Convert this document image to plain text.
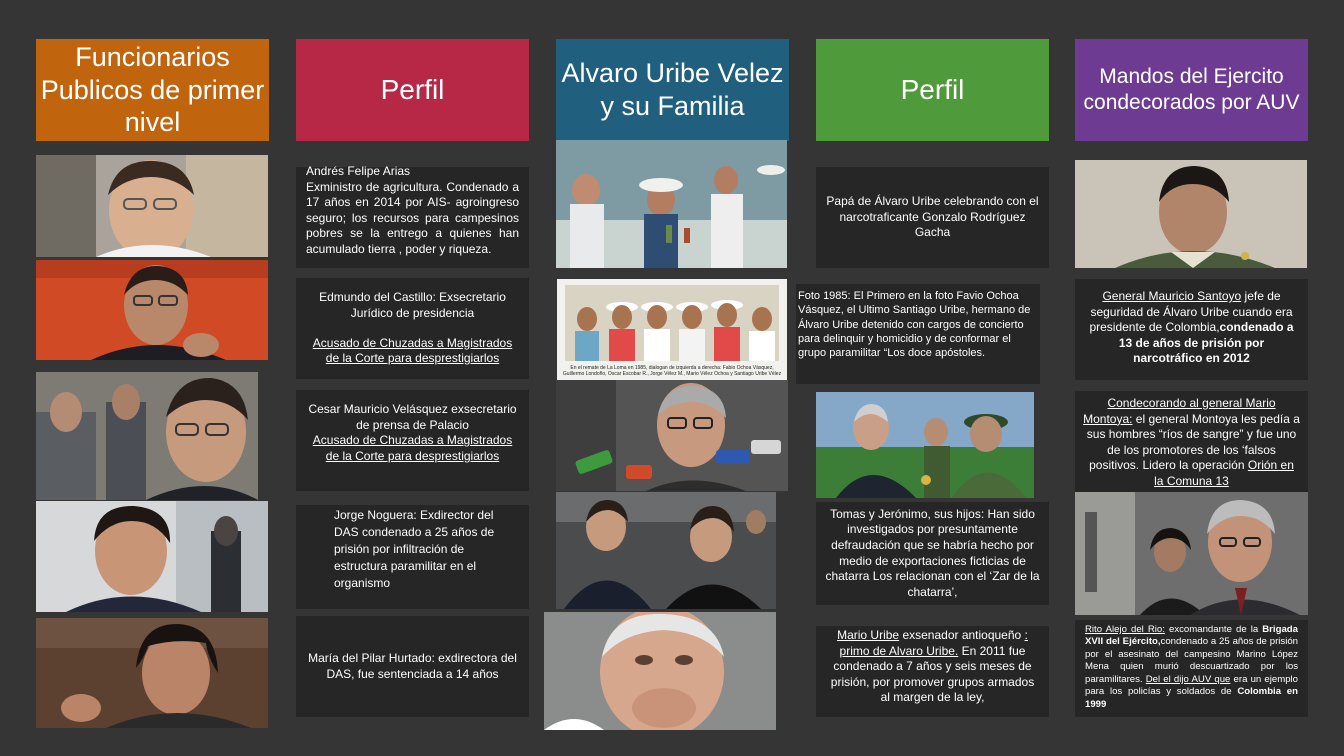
Funcionarios Publicos de primer nivel
Perfil
Alvaro Uribe Velez y su Familia
Perfil	Mandos del Ejercito condecorados por AUV
Andrés Felipe Arias
Exministro de agricultura. Condenado a 17 años en 2014 por AIS- agroingreso seguro; los recursos para campesinos pobres se la entrego a quienes han acumulado tierra , poder y riqueza.
Edmundo del Castillo: Exsecretario Jurídico de presidencia
Acusado de Chuzadas a Magistrados de la Corte para desprestigiarlos
Cesar Mauricio Velásquez exsecretario de prensa de Palacio
Acusado de Chuzadas a Magistrados de la Corte para desprestigiarlos
Jorge Noguera: Exdirector del DAS condenado a 25 años de prisión por infiltración de estructura paramilitar en el organismo
María del Pilar Hurtado: exdirectora del DAS, fue sentenciada a 14 años
En el remate de La Loma en 1985, dialogan de izquierda a derecha: Fabio Ochoa Vásquez, Guillermo Londoño, Oscar Escobar R., Jorge Vélez M., Mario Vélez Ochoa y Santiago Uribe Vélez
Papá de Álvaro Uribe celebrando con el narcotraficante Gonzalo Rodríguez Gacha
Foto 1985: El Primero en la foto Favio Ochoa Vásquez, el Ultimo Santiago Uribe, hermano de Álvaro Uribe detenido con cargos de concierto para delinquir y homicidio y de conformar el grupo paramilitar “Los doce apóstoles.
Tomas y Jerónimo, sus hijos: Han sido investigados por presuntamente defraudación que se habría hecho por medio de exportaciones ficticias de chatarra Los relacionan con el ‘Zar de la chatarra’,
Mario Uribe exsenador antioqueño : primo de Alvaro Uribe. En 2011 fue condenado a 7 años y seis meses de prisión, por promover grupos armados al margen de la ley,
General Mauricio Santoyo jefe de seguridad de Álvaro Uribe cuando era presidente de Colombia,condenado a 13 de años de prisión por narcotráfico en 2012
Condecorando al general Mario Montoya: el general Montoya les pedía a sus hombres “ríos de sangre” y fue uno de los promotores de los ‘falsos positivos. Lidero la operación Orión en la Comuna 13
Rito Alejo del Rio: excomandante de la Brigada XVII del Ejército,condenado a 25 años de prisión por el asesinato del campesino Marino López Mena quien murió descuartizado por los paramilitares. Del el dijo AUV que era un ejemplo para los policías y soldados de Colombia en 1999
